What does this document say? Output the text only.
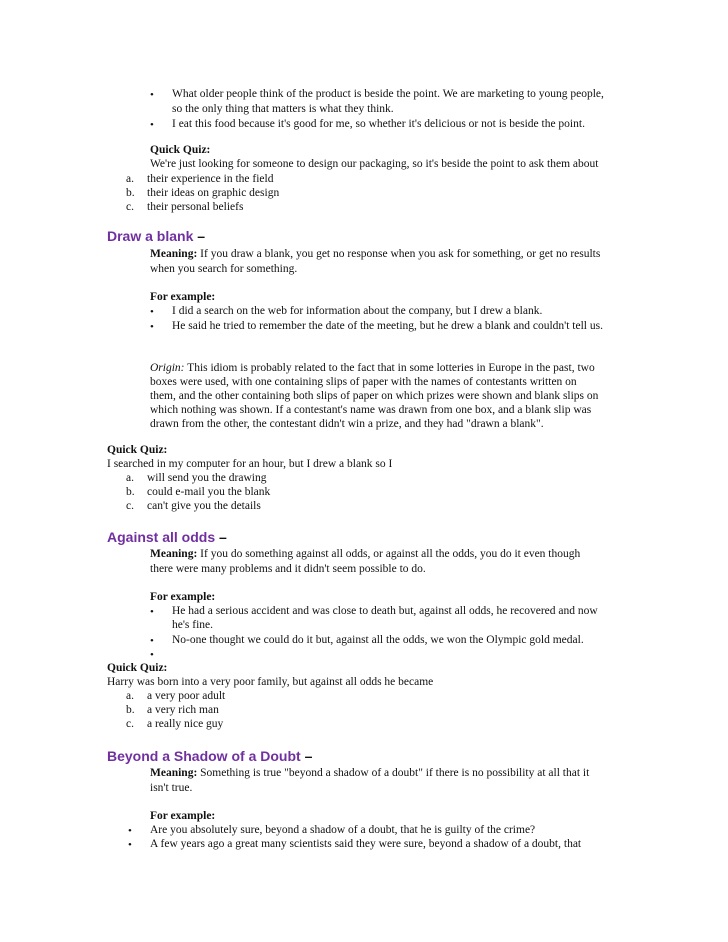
• What older people think of the product is beside the point. We are marketing to young people,
so the only thing that matters is what they think.
• I eat this food because it's good for me, so whether it's delicious or not is beside the point.
Quick Quiz:
We're just looking for someone to design our packaging, so it's beside the point to ask them about
a. their experience in the field
b. their ideas on graphic design
c. their personal beliefs
Draw a blank –
Meaning: If you draw a blank, you get no response when you ask for something, or get no results
when you search for something.
For example:
• I did a search on the web for information about the company, but I drew a blank.
• He said he tried to remember the date of the meeting, but he drew a blank and couldn't tell us.
Origin: This idiom is probably related to the fact that in some lotteries in Europe in the past, two
boxes were used, with one containing slips of paper with the names of contestants written on
them, and the other containing both slips of paper on which prizes were shown and blank slips on
which nothing was shown. If a contestant's name was drawn from one box, and a blank slip was
drawn from the other, the contestant didn't win a prize, and they had "drawn a blank".
Quick Quiz:
I searched in my computer for an hour, but I drew a blank so I
a. will send you the drawing
b. could e-mail you the blank
c. can't give you the details
Against all odds –
Meaning: If you do something against all odds, or against all the odds, you do it even though
there were many problems and it didn't seem possible to do.
For example:
• He had a serious accident and was close to death but, against all odds, he recovered and now
he's fine.
• No-one thought we could do it but, against all the odds, we won the Olympic gold medal.
•
Quick Quiz:
Harry was born into a very poor family, but against all odds he became
a. a very poor adult
b. a very rich man
c. a really nice guy
Beyond a Shadow of a Doubt –
Meaning: Something is true "beyond a shadow of a doubt" if there is no possibility at all that it
isn't true.
For example:
• Are you absolutely sure, beyond a shadow of a doubt, that he is guilty of the crime?
• A few years ago a great many scientists said they were sure, beyond a shadow of a doubt, that
